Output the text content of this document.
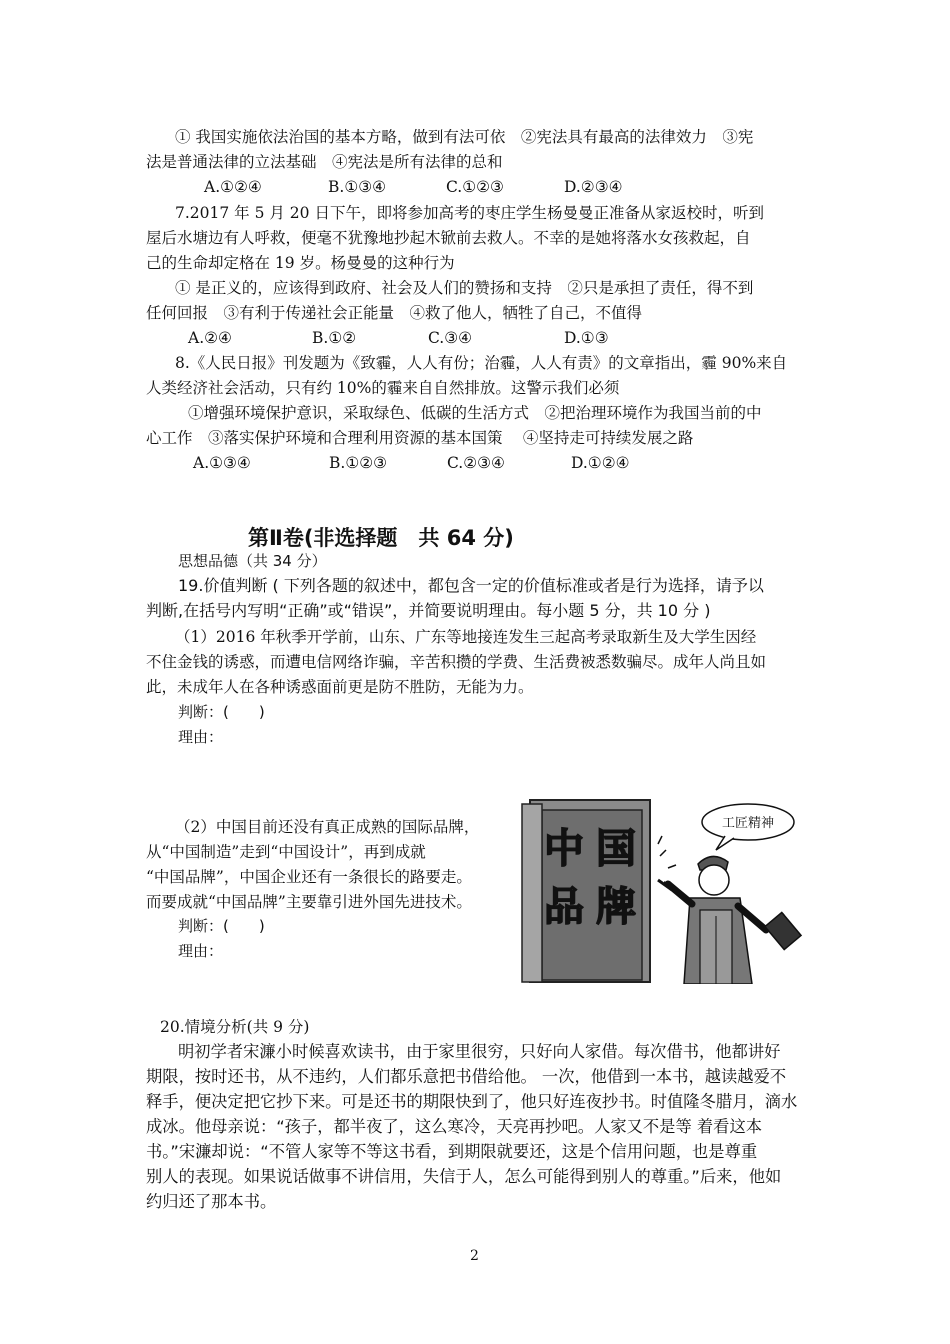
① 我国实施依法治国的基本方略，做到有法可依　②宪法具有最高的法律效力　③宪
法是普通法律的立法基础　④宪法是所有法律的总和
A.①②④	B.①③④	C.①②③	D.②③④
7.2017 年 5 月 20 日下午，即将参加高考的枣庄学生杨曼曼正准备从家返校时，听到
屋后水塘边有人呼救，便毫不犹豫地抄起木锨前去救人。不幸的是她将落水女孩救起，自
己的生命却定格在 19 岁。杨曼曼的这种行为
① 是正义的，应该得到政府、社会及人们的赞扬和支持　②只是承担了责任，得不到
任何回报　③有利于传递社会正能量　④救了他人，牺牲了自己，不值得
A.②④	B.①②	C.③④	D.①③
8.《人民日报》刊发题为《致霾，人人有份；治霾，人人有责》的文章指出，霾 90%来自
人类经济社会活动，只有约 10%的霾来自自然排放。这警示我们必须
①增强环境保护意识，采取绿色、低碳的生活方式　②把治理环境作为我国当前的中
心工作　③落实保护环境和合理利用资源的基本国策　 ④坚持走可持续发展之路
A.①③④	B.①②③	C.②③④	D.①②④
第Ⅱ卷(非选择题　共 64 分)
思想品德（共 34 分）
19.价值判断 ( 下列各题的叙述中，都包含一定的价值标准或者是行为选择，请予以
判断,在括号内写明“正确”或“错误”，并简要说明理由。每小题 5 分，共 10 分 )
（1）2016 年秋季开学前，山东、广东等地接连发生三起高考录取新生及大学生因经
不住金钱的诱惑，而遭电信网络诈骗，辛苦积攒的学费、生活费被悉数骗尽。成年人尚且如
此，未成年人在各种诱惑面前更是防不胜防，无能为力。
判断：(　　)
理由：
（2）中国目前还没有真正成熟的国际品牌，
从“中国制造”走到“中国设计”，再到成就
“中国品牌”，中国企业还有一条很长的路要走。
而要成就“中国品牌”主要靠引进外国先进技术。
判断：(　　)
理由：
中 国
品 牌
工匠精神
20.情境分析(共 9 分)
明初学者宋濂小时候喜欢读书，由于家里很穷，只好向人家借。每次借书，他都讲好
期限，按时还书，从不违约，人们都乐意把书借给他。 一次，他借到一本书，越读越爱不
释手，便决定把它抄下来。可是还书的期限快到了，他只好连夜抄书。时值隆冬腊月，滴水
成冰。他母亲说：“孩子，都半夜了，这么寒冷，天亮再抄吧。人家又不是等 着看这本
书。”宋濂却说：“不管人家等不等这书看，到期限就要还，这是个信用问题，也是尊重
别人的表现。如果说话做事不讲信用，失信于人，怎么可能得到别人的尊重。”后来，他如
约归还了那本书。
2
